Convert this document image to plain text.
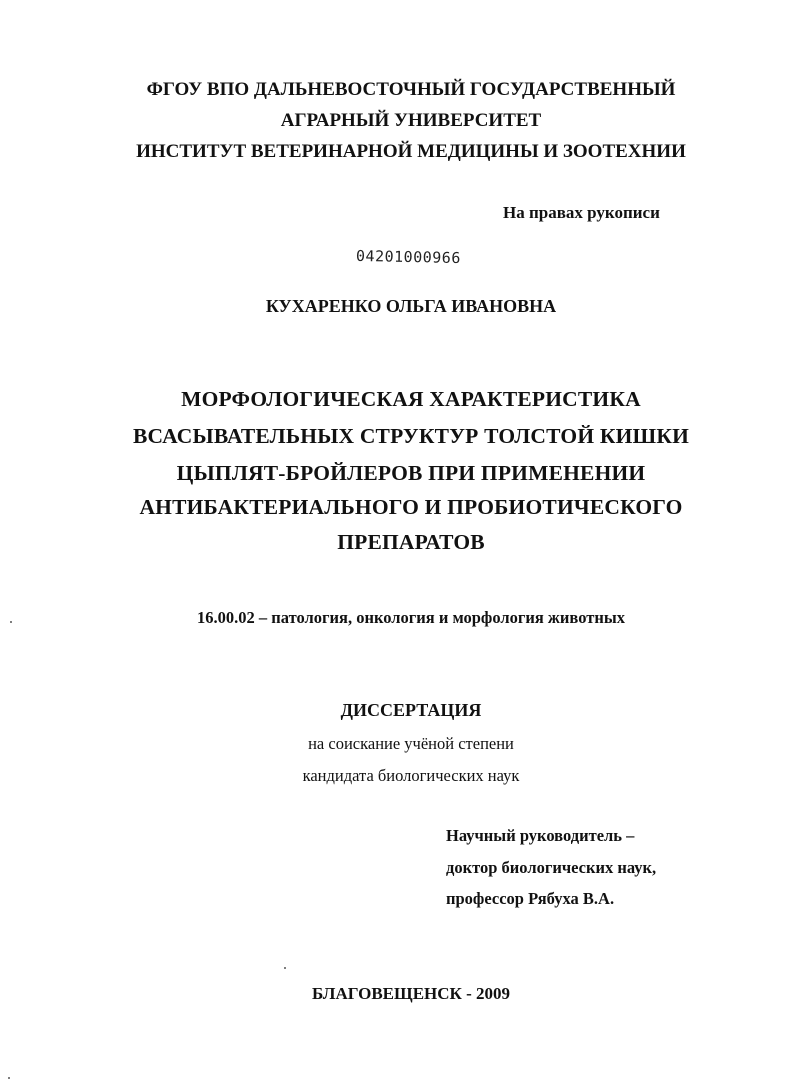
ФГОУ ВПО ДАЛЬНЕВОСТОЧНЫЙ ГОСУДАРСТВЕННЫЙ
АГРАРНЫЙ УНИВЕРСИТЕТ
ИНСТИТУТ ВЕТЕРИНАРНОЙ МЕДИЦИНЫ И ЗООТЕХНИИ
На правах рукописи
04201000966
КУХАРЕНКО ОЛЬГА ИВАНОВНА
МОРФОЛОГИЧЕСКАЯ ХАРАКТЕРИСТИКА
ВСАСЫВАТЕЛЬНЫХ СТРУКТУР ТОЛСТОЙ КИШКИ
ЦЫПЛЯТ-БРОЙЛЕРОВ ПРИ ПРИМЕНЕНИИ
АНТИБАКТЕРИАЛЬНОГО И ПРОБИОТИЧЕСКОГО
ПРЕПАРАТОВ
16.00.02 – патология, онкология и морфология животных
ДИССЕРТАЦИЯ
на соискание учёной степени
кандидата биологических наук
Научный руководитель –
доктор биологических наук,
профессор Рябуха В.А.
БЛАГОВЕЩЕНСК - 2009
